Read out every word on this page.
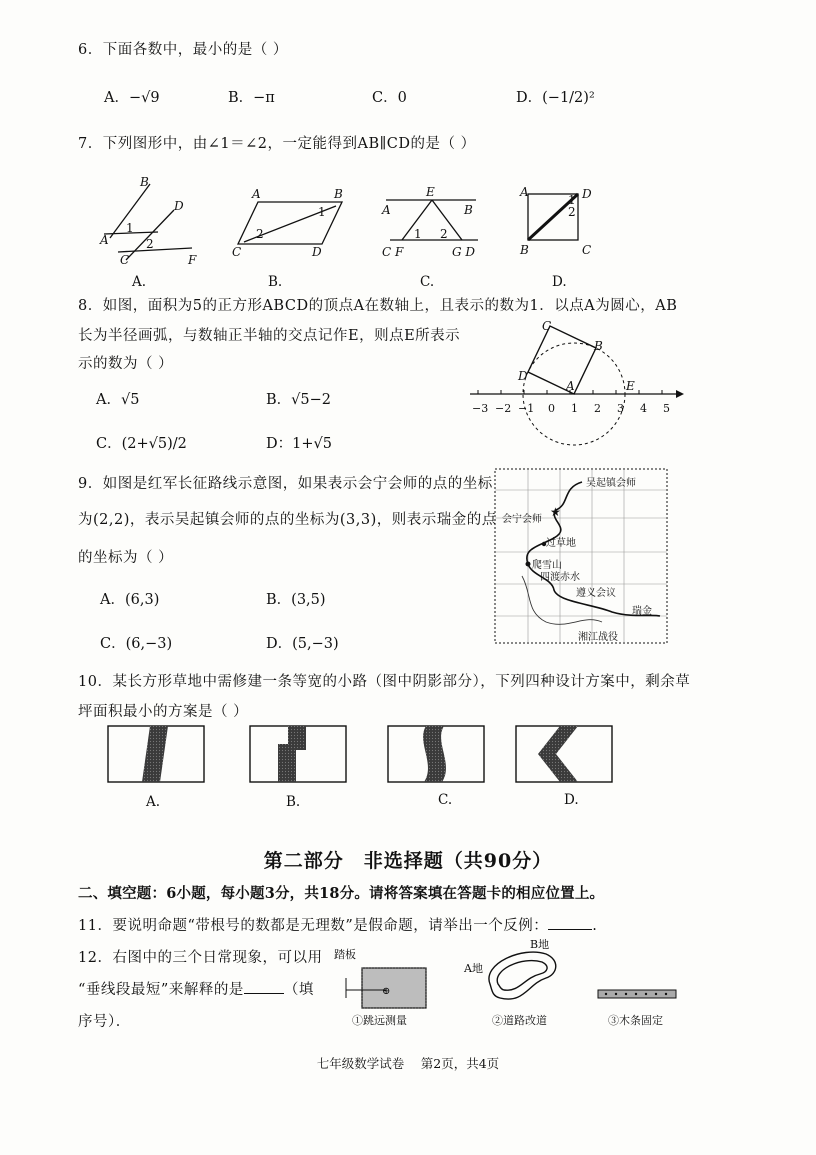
6．下面各数中，最小的是（ ）
A．−√9	B．−π	C．0	D．(−1/2)²
7．下列图形中，由∠1＝∠2，一定能得到AB∥CD的是（ ）
B
D
A
C	F
1
2
A	B
C	D
1
2
E
A	B
C F	G D
1 2
A	D
B	C
2
1
A.	B.	C.	D.
8．如图，面积为5的正方形ABCD的顶点A在数轴上，且表示的数为1．以点A为圆心，AB
长为半径画弧，与数轴正半轴的交点记作E，则点E所表示
示的数为（ ）
A．√5	B．√5−2
C．(2+√5)/2	D：1+√5
C
B
D
A	E
−3 −2 −1 0 1 2 3 4 5
9．如图是红军长征路线示意图，如果表示会宁会师的点的坐标
为(2,2)，表示吴起镇会师的点的坐标为(3,3)，则表示瑞金的点
的坐标为（ ）
A．(6,3)	B．(3,5)
C．(6,−3)	D．(5,−3)
★
吴起镇会师
会宁会师
过草地
爬雪山
四渡赤水
遵义会议
瑞金
湘江战役
10．某长方形草地中需修建一条等宽的小路（图中阴影部分），下列四种设计方案中，剩余草
坪面积最小的方案是（ ）
A.	B.	C.	D.
第二部分　非选择题（共90分）
二、填空题：6小题，每小题3分，共18分。请将答案填在答题卡的相应位置上。
11．要说明命题“带根号的数都是无理数”是假命题，请举出一个反例：	.
12．右图中的三个日常现象，可以用
“垂线段最短”来解释的是	（填
序号）．
⊕
踏板
①跳远测量
A地
B地
②道路改道	③木条固定
七年级数学试卷　 第2页，共4页
